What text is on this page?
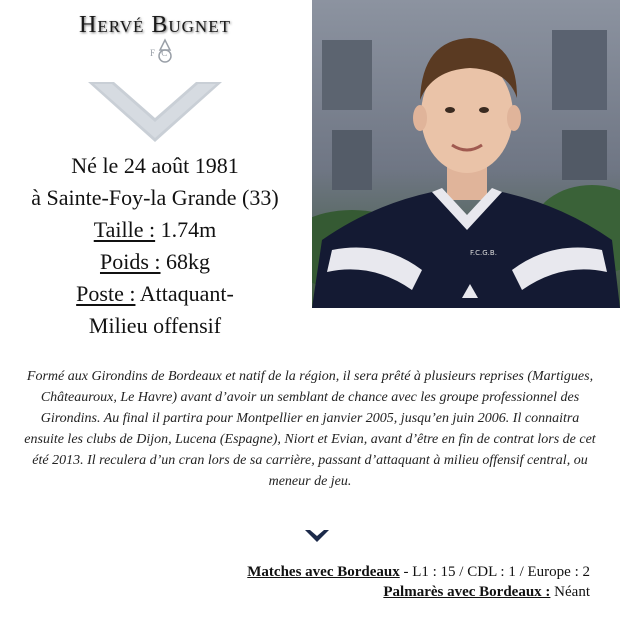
Hervé Bugnet
F C
Né le 24 août 1981
à Sainte-Foy-la Grande (33)
Taille : 1.74m
Poids : 68kg
Poste : Attaquant-
Milieu offensif
F.C.G.B.
Formé aux Girondins de Bordeaux et natif de la région, il sera prêté à plusieurs reprises (Martigues, Châteauroux, Le Havre) avant d’avoir un semblant de chance avec les groupe professionnel des Girondins. Au final il partira pour Montpellier en janvier 2005, jusqu’en juin 2006. Il connaitra ensuite les clubs de Dijon, Lucena (Espagne), Niort et Evian, avant d’être en fin de contrat lors de cet été 2013. Il reculera d’un cran lors de sa carrière, passant d’attaquant à milieu offensif central, ou meneur de jeu.
Matches avec Bordeaux - L1 : 15 / CDL : 1 / Europe : 2
Palmarès avec Bordeaux : Néant
